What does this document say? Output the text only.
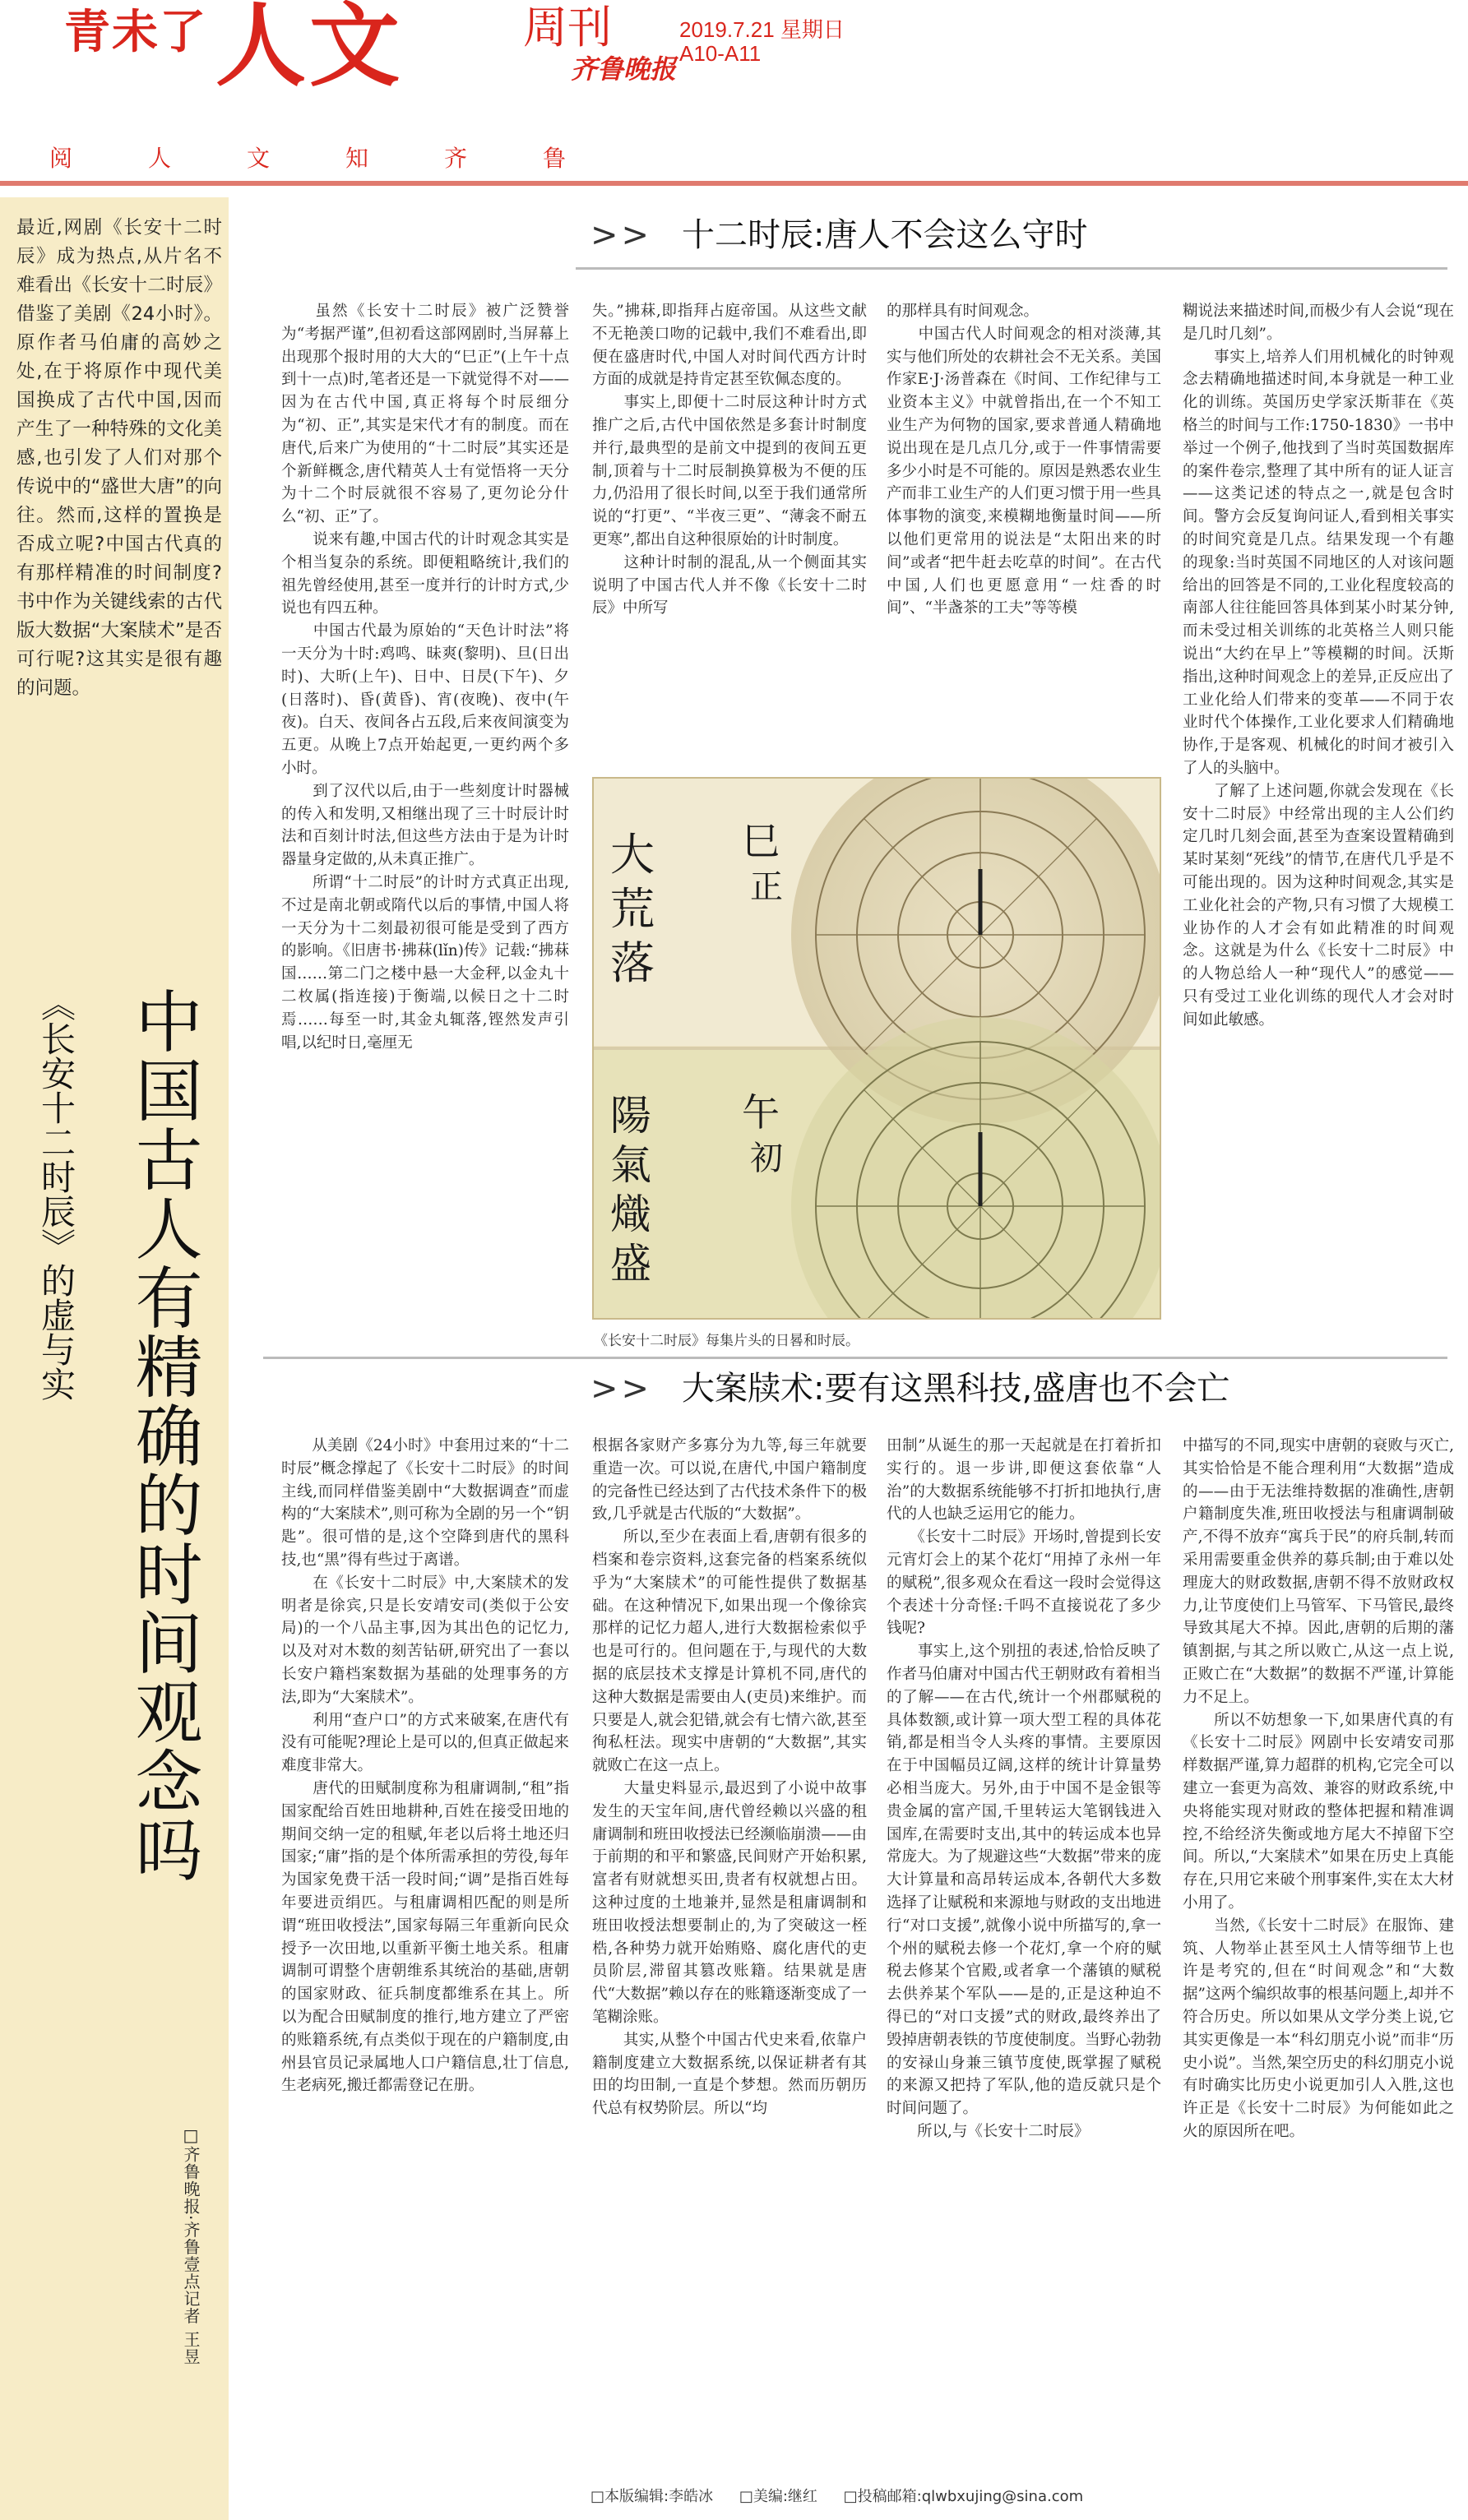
青未了 人文	周刊
齐鲁晚报
2019.7.21 星期日
A10-A11
阅人文知齐鲁
最近,网剧《长安十二时辰》成为热点,从片名不难看出《长安十二时辰》借鉴了美剧《24小时》。原作者马伯庸的高妙之处,在于将原作中现代美国换成了古代中国,因而产生了一种特殊的文化美感,也引发了人们对那个传说中的“盛世大唐”的向往。然而,这样的置换是否成立呢?中国古代真的有那样精准的时间制度?书中作为关键线索的古代版大数据“大案牍术”是否可行呢?这其实是很有趣的问题。
中国古人有精确的时间观念吗
《长安十二时辰》的虚与实
□齐鲁晚报·齐鲁壹点记者 王昱
>> 十二时辰:唐人不会这么守时
　　虽然《长安十二时辰》被广泛赞誉为“考据严谨”,但初看这部网剧时,当屏幕上出现那个报时用的大大的“巳正”(上午十点到十一点)时,笔者还是一下就觉得不对——因为在古代中国,真正将每个时辰细分为“初、正”,其实是宋代才有的制度。而在唐代,后来广为使用的“十二时辰”其实还是个新鲜概念,唐代精英人士有觉悟将一天分为十二个时辰就很不容易了,更勿论分什么“初、正”了。
　　说来有趣,中国古代的计时观念其实是个相当复杂的系统。即便粗略统计,我们的祖先曾经使用,甚至一度并行的计时方式,少说也有四五种。
　　中国古代最为原始的“天色计时法”将一天分为十时:鸡鸣、昧爽(黎明)、旦(日出时)、大昕(上午)、日中、日昃(下午)、夕(日落时)、昏(黄昏)、宵(夜晚)、夜中(午夜)。白天、夜间各占五段,后来夜间演变为五更。从晚上7点开始起更,一更约两个多小时。
　　到了汉代以后,由于一些刻度计时器械的传入和发明,又相继出现了三十时辰计时法和百刻计时法,但这些方法由于是为计时器量身定做的,从未真正推广。
　　所谓“十二时辰”的计时方式真正出现,不过是南北朝或隋代以后的事情,中国人将一天分为十二刻最初很可能是受到了西方的影响。《旧唐书·拂菻(lǐn)传》记载:“拂菻国……第二门之楼中悬一大金秤,以金丸十二枚属(指连接)于衡端,以候日之十二时焉……每至一时,其金丸辄落,铿然发声引唱,以纪时日,毫厘无
失。”拂菻,即指拜占庭帝国。从这些文献不无艳羡口吻的记载中,我们不难看出,即便在盛唐时代,中国人对时间代西方计时方面的成就是持肯定甚至钦佩态度的。
　　事实上,即便十二时辰这种计时方式推广之后,古代中国依然是多套计时制度并行,最典型的是前文中提到的夜间五更制,顶着与十二时辰制换算极为不便的压力,仍沿用了很长时间,以至于我们通常所说的“打更”、“半夜三更”、“薄衾不耐五更寒”,都出自这种很原始的计时制度。
　　这种计时制的混乱,从一个侧面其实说明了中国古代人并不像《长安十二时辰》中所写
的那样具有时间观念。
　　中国古代人时间观念的相对淡薄,其实与他们所处的农耕社会不无关系。美国作家E·J·汤普森在《时间、工作纪律与工业资本主义》中就曾指出,在一个不知工业生产为何物的国家,要求普通人精确地说出现在是几点几分,或于一件事情需要多少小时是不可能的。原因是熟悉农业生产而非工业生产的人们更习惯于用一些具体事物的演变,来模糊地衡量时间——所以他们更常用的说法是“太阳出来的时间”或者“把牛赶去吃草的时间”。在古代中国,人们也更愿意用“一炷香的时间”、“半盏茶的工夫”等等模
糊说法来描述时间,而极少有人会说“现在是几时几刻”。
　　事实上,培养人们用机械化的时钟观念去精确地描述时间,本身就是一种工业化的训练。英国历史学家沃斯菲在《英格兰的时间与工作:1750-1830》一书中举过一个例子,他找到了当时英国数据库的案件卷宗,整理了其中所有的证人证言——这类记述的特点之一,就是包含时间。警方会反复询问证人,看到相关事实的时间究竟是几点。结果发现一个有趣的现象:当时英国不同地区的人对该问题给出的回答是不同的,工业化程度较高的南部人往往能回答具体到某小时某分钟,而未受过相关训练的北英格兰人则只能说出“大约在早上”等模糊的时间。沃斯指出,这种时间观念上的差异,正反应出了工业化给人们带来的变革——不同于农业时代个体操作,工业化要求人们精确地协作,于是客观、机械化的时间才被引入了人的头脑中。
　　了解了上述问题,你就会发现在《长安十二时辰》中经常出现的主人公们约定几时几刻会面,甚至为查案设置精确到某时某刻“死线”的情节,在唐代几乎是不可能出现的。因为这种时间观念,其实是工业化社会的产物,只有习惯了大规模工业协作的人才会有如此精准的时间观念。这就是为什么《长安十二时辰》中的人物总给人一种“现代人”的感觉——只有受过工业化训练的现代人才会对时间如此敏感。
巳
正
大荒落
午
初
陽氣熾盛
《长安十二时辰》每集片头的日晷和时辰。
>> 大案牍术:要有这黑科技,盛唐也不会亡
　　从美剧《24小时》中套用过来的“十二时辰”概念撑起了《长安十二时辰》的时间主线,而同样借鉴美剧中“大数据调查”而虚构的“大案牍术”,则可称为全剧的另一个“钥匙”。很可惜的是,这个空降到唐代的黑科技,也“黑”得有些过于离谱。
　　在《长安十二时辰》中,大案牍术的发明者是徐宾,只是长安靖安司(类似于公安局)的一个八品主事,因为其出色的记忆力,以及对对木数的刻苦钻研,研究出了一套以长安户籍档案数据为基础的处理事务的方法,即为“大案牍术”。
　　利用“查户口”的方式来破案,在唐代有没有可能呢?理论上是可以的,但真正做起来难度非常大。
　　唐代的田赋制度称为租庸调制,“租”指国家配给百姓田地耕种,百姓在接受田地的期间交纳一定的租赋,年老以后将土地还归国家;“庸”指的是个体所需承担的劳役,每年为国家免费干活一段时间;“调”是指百姓每年要进贡绢匹。与租庸调相匹配的则是所谓“班田收授法”,国家每隔三年重新向民众授予一次田地,以重新平衡土地关系。租庸调制可谓整个唐朝维系其统治的基础,唐朝的国家财政、征兵制度都维系在其上。所以为配合田赋制度的推行,地方建立了严密的账籍系统,有点类似于现在的户籍制度,由州县官员记录属地人口户籍信息,壮丁信息,生老病死,搬迁都需登记在册。
根据各家财产多寡分为九等,每三年就要重造一次。可以说,在唐代,中国户籍制度的完备性已经达到了古代技术条件下的极致,几乎就是古代版的“大数据”。
　　所以,至少在表面上看,唐朝有很多的档案和卷宗资料,这套完备的档案系统似乎为“大案牍术”的可能性提供了数据基础。在这种情况下,如果出现一个像徐宾那样的记忆力超人,进行大数据检索似乎也是可行的。但问题在于,与现代的大数据的底层技术支撑是计算机不同,唐代的这种大数据是需要由人(吏员)来维护。而只要是人,就会犯错,就会有七情六欲,甚至徇私枉法。现实中唐朝的“大数据”,其实就败亡在这一点上。
　　大量史料显示,最迟到了小说中故事发生的天宝年间,唐代曾经赖以兴盛的租庸调制和班田收授法已经濒临崩溃——由于前期的和平和繁盛,民间财产开始积累,富者有财就想买田,贵者有权就想占田。这种过度的土地兼并,显然是租庸调制和班田收授法想要制止的,为了突破这一桎梏,各种势力就开始贿赂、腐化唐代的吏员阶层,滞留其篡改账籍。结果就是唐代“大数据”赖以存在的账籍逐渐变成了一笔糊涂账。
　　其实,从整个中国古代史来看,依靠户籍制度建立大数据系统,以保证耕者有其田的均田制,一直是个梦想。然而历朝历代总有权势阶层。所以“均
田制”从诞生的那一天起就是在打着折扣实行的。退一步讲,即便这套依靠“人治”的大数据系统能够不打折扣地执行,唐代的人也缺乏运用它的能力。
　　《长安十二时辰》开场时,曾提到长安元宵灯会上的某个花灯“用掉了永州一年的赋税”,很多观众在看这一段时会觉得这个表述十分奇怪:千吗不直接说花了多少钱呢?
　　事实上,这个别扭的表述,恰恰反映了作者马伯庸对中国古代王朝财政有着相当的了解——在古代,统计一个州郡赋税的具体数额,或计算一项大型工程的具体花销,都是相当令人头疼的事情。主要原因在于中国幅员辽阔,这样的统计计算量势必相当庞大。另外,由于中国不是金银等贵金属的富产国,千里转运大笔钢钱进入国库,在需要时支出,其中的转运成本也异常庞大。为了规避这些“大数据”带来的庞大计算量和高昂转运成本,各朝代大多数选择了让赋税和来源地与财政的支出地进行“对口支援”,就像小说中所描写的,拿一个州的赋税去修一个花灯,拿一个府的赋税去修某个官殿,或者拿一个藩镇的赋税去供养某个军队——是的,正是这种迫不得已的“对口支援”式的财政,最终养出了毁掉唐朝表铁的节度使制度。当野心勃勃的安禄山身兼三镇节度使,既掌握了赋税的来源又把持了军队,他的造反就只是个时间问题了。
　　所以,与《长安十二时辰》
中描写的不同,现实中唐朝的衰败与灭亡,其实恰恰是不能合理利用“大数据”造成的——由于无法维持数据的准确性,唐朝户籍制度失准,班田收授法与租庸调制破产,不得不放弃“寓兵于民”的府兵制,转而采用需要重金供养的募兵制;由于难以处理庞大的财政数据,唐朝不得不放财政权力,让节度使们上马管军、下马管民,最终导致其尾大不掉。因此,唐朝的后期的藩镇割据,与其之所以败亡,从这一点上说,正败亡在“大数据”的数据不严谨,计算能力不足上。
　　所以不妨想象一下,如果唐代真的有《长安十二时辰》网剧中长安靖安司那样数据严谨,算力超群的机构,它完全可以建立一套更为高效、兼容的财政系统,中央将能实现对财政的整体把握和精准调控,不给经济失衡或地方尾大不掉留下空间。所以,“大案牍术”如果在历史上真能存在,只用它来破个刑事案件,实在太大材小用了。
　　当然,《长安十二时辰》在服饰、建筑、人物举止甚至风土人情等细节上也许是考究的,但在“时间观念”和“大数据”这两个编织故事的根基问题上,却并不符合历史。所以如果从文学分类上说,它其实更像是一本“科幻朋克小说”而非“历史小说”。当然,架空历史的科幻朋克小说有时确实比历史小说更加引人入胜,这也许正是《长安十二时辰》为何能如此之火的原因所在吧。
□本版编辑:李皓冰 □美编:继红 □投稿邮箱:qlwbxujing@sina.com
